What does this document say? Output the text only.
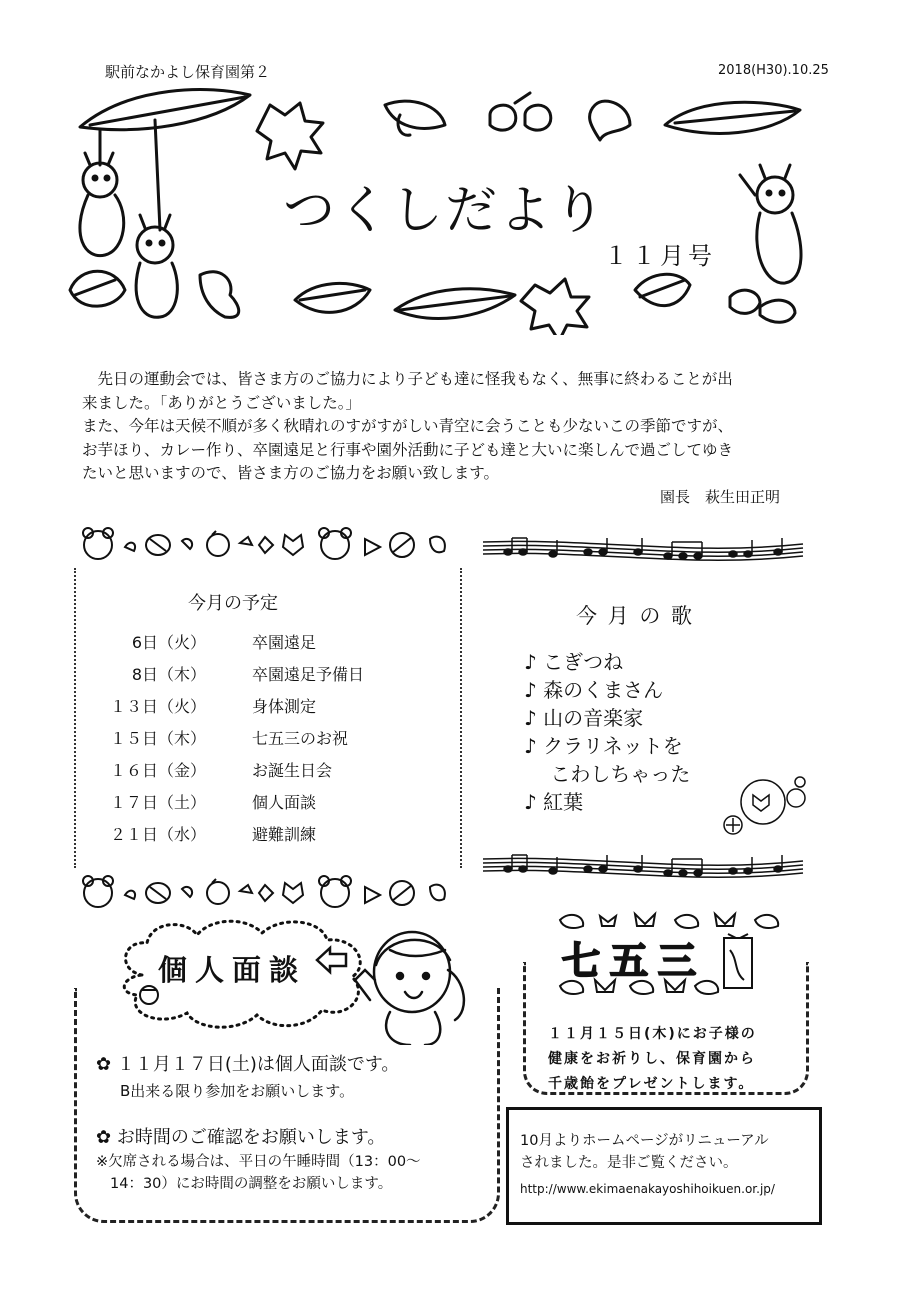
駅前なかよし保育園第２	2018(H30).10.25
つくしだより
１１月号

　先日の運動会では、皆さま方のご協力により子ども達に怪我もなく、無事に終わることが出

来ました。「ありがとうございました。」

また、今年は天候不順が多く秋晴れのすがすがしい青空に会うことも少ないこの季節ですが、

お芋ほり、カレー作り、卒園遠足と行事や園外活動に子ども達と大いに楽しんで過ごしてゆき

たいと思いますので、皆さま方のご協力をお願い致します。

園長　萩生田正明
今月の予定
6日（火）	卒園遠足
8日（木）	卒園遠足予備日
１３日（火）	身体測定
１５日（木）	七五三のお祝
１６日（金）	お誕生日会
１７日（土）	個人面談
２１日（水）	避難訓練
今 月 の 歌
♪ こぎつね
♪ 森のくまさん
♪ 山の音楽家
♪ クラリネットを
　 こわしちゃった
♪ 紅葉
個人面談
✿ １１月１７日(土)は個人面談です。
B出来る限り参加をお願いします。
✿ お時間のご確認をお願いします。
※欠席される場合は、平日の午睡時間（13：00～
14：30）にお時間の調整をお願いします。
七五三
１１月１５日(木)にお子様の
健康をお祈りし、保育園から
千歳飴をプレゼントします。
10月よりホームページがリニューアル
されました。是非ご覧ください。
http://www.ekimaenakayoshihoikuen.or.jp/
